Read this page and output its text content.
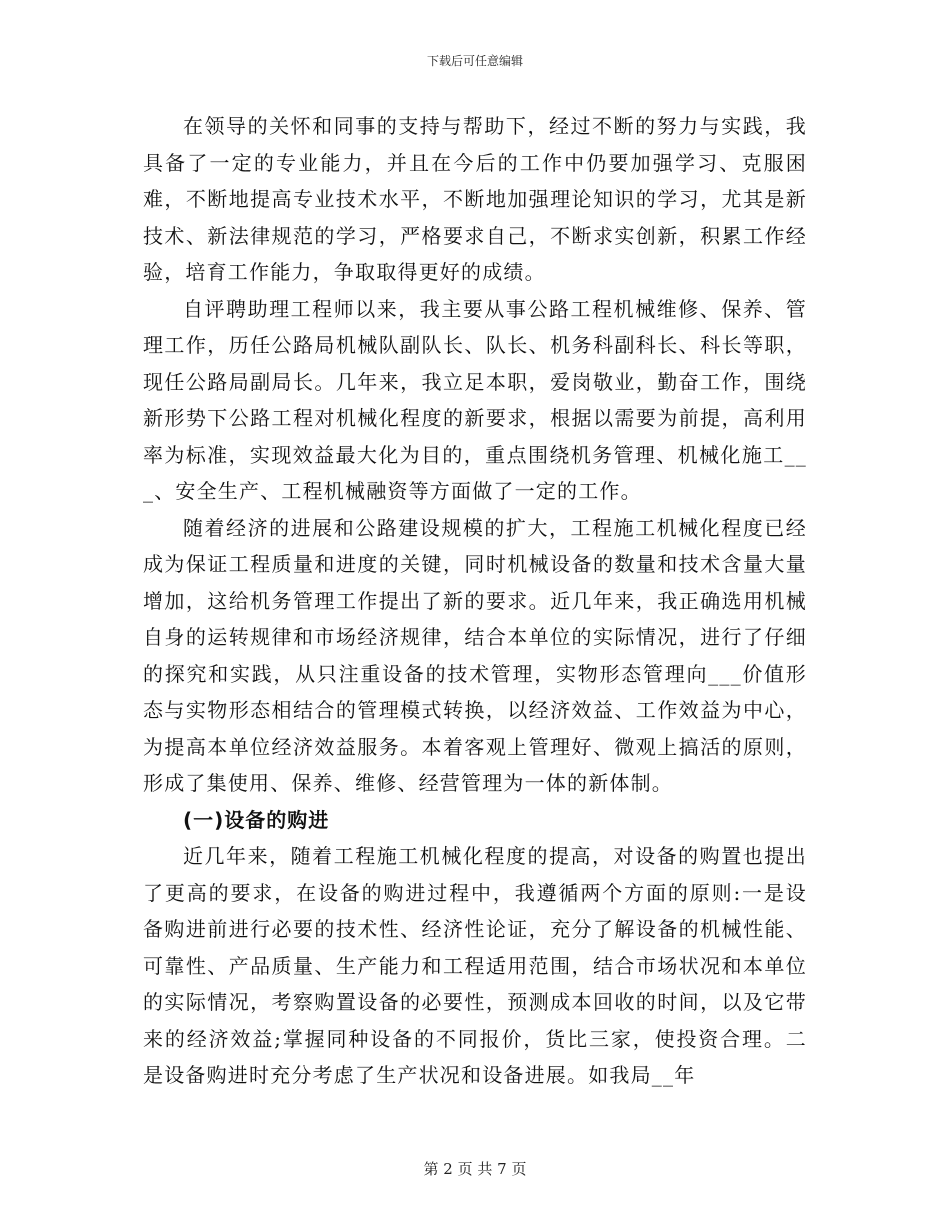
下载后可任意编辑

在领导的关怀和同事的支持与帮助下，经过不断的努力与实践，我具备了一定的专业能力，并且在今后的工作中仍要加强学习、克服困难，不断地提高专业技术水平，不断地加强理论知识的学习，尤其是新技术、新法律规范的学习，严格要求自己，不断求实创新，积累工作经验，培育工作能力，争取取得更好的成绩。

自评聘助理工程师以来，我主要从事公路工程机械维修、保养、管理工作，历任公路局机械队副队长、队长、机务科副科长、科长等职，现任公路局副局长。几年来，我立足本职，爱岗敬业，勤奋工作，围绕新形势下公路工程对机械化程度的新要求，根据以需要为前提，高利用率为标准，实现效益最大化为目的，重点围绕机务管理、机械化施工___、安全生产、工程机械融资等方面做了一定的工作。

随着经济的进展和公路建设规模的扩大，工程施工机械化程度已经成为保证工程质量和进度的关键，同时机械设备的数量和技术含量大量增加，这给机务管理工作提出了新的要求。近几年来，我正确选用机械自身的运转规律和市场经济规律，结合本单位的实际情况，进行了仔细的探究和实践，从只注重设备的技术管理，实物形态管理向___价值形态与实物形态相结合的管理模式转换，以经济效益、工作效益为中心，为提高本单位经济效益服务。本着客观上管理好、微观上搞活的原则，形成了集使用、保养、维修、经营管理为一体的新体制。

(一)设备的购进

近几年来，随着工程施工机械化程度的提高，对设备的购置也提出了更高的要求，在设备的购进过程中，我遵循两个方面的原则:一是设备购进前进行必要的技术性、经济性论证，充分了解设备的机械性能、可靠性、产品质量、生产能力和工程适用范围，结合市场状况和本单位的实际情况，考察购置设备的必要性，预测成本回收的时间，以及它带来的经济效益;掌握同种设备的不同报价，货比三家，使投资合理。二是设备购进时充分考虑了生产状况和设备进展。如我局__年

第 2 页 共 7 页
